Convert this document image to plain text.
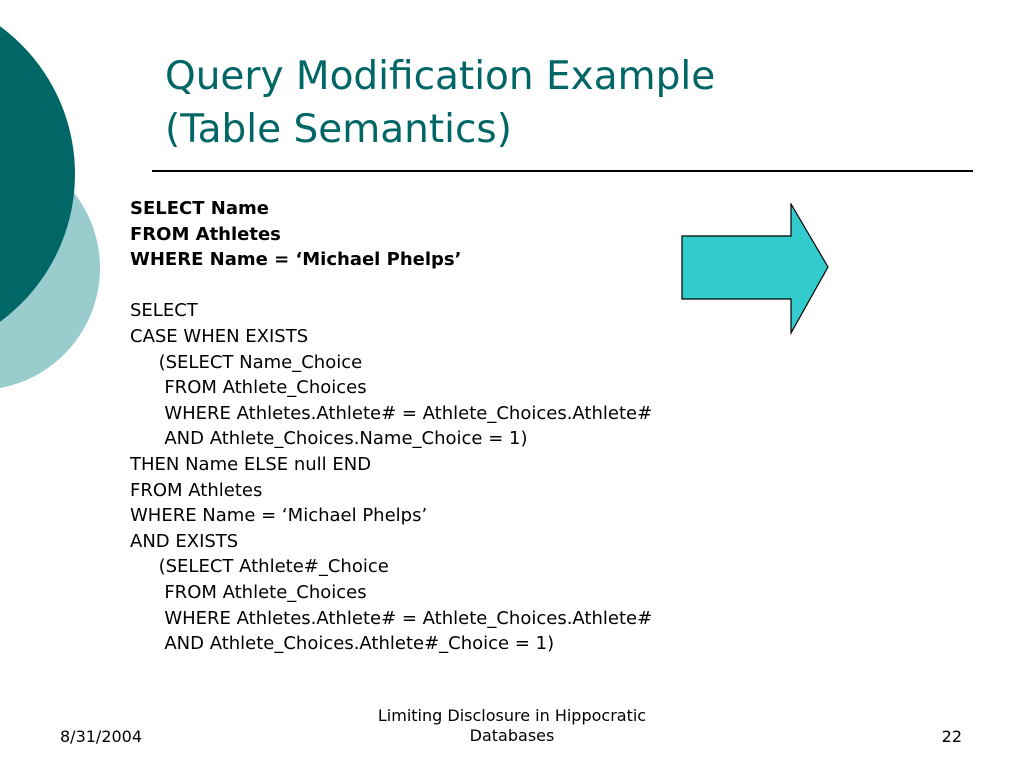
Query Modification Example
(Table Semantics)
SELECT Name
FROM Athletes
WHERE Name = ‘Michael Phelps’
SELECT
CASE WHEN EXISTS
(SELECT Name_Choice
FROM Athlete_Choices
WHERE Athletes.Athlete# = Athlete_Choices.Athlete#
AND Athlete_Choices.Name_Choice = 1)
THEN Name ELSE null END
FROM Athletes
WHERE Name = ‘Michael Phelps’
AND EXISTS
(SELECT Athlete#_Choice
FROM Athlete_Choices
WHERE Athletes.Athlete# = Athlete_Choices.Athlete#
AND Athlete_Choices.Athlete#_Choice = 1)
8/31/2004
Limiting Disclosure in Hippocratic Databases	22
